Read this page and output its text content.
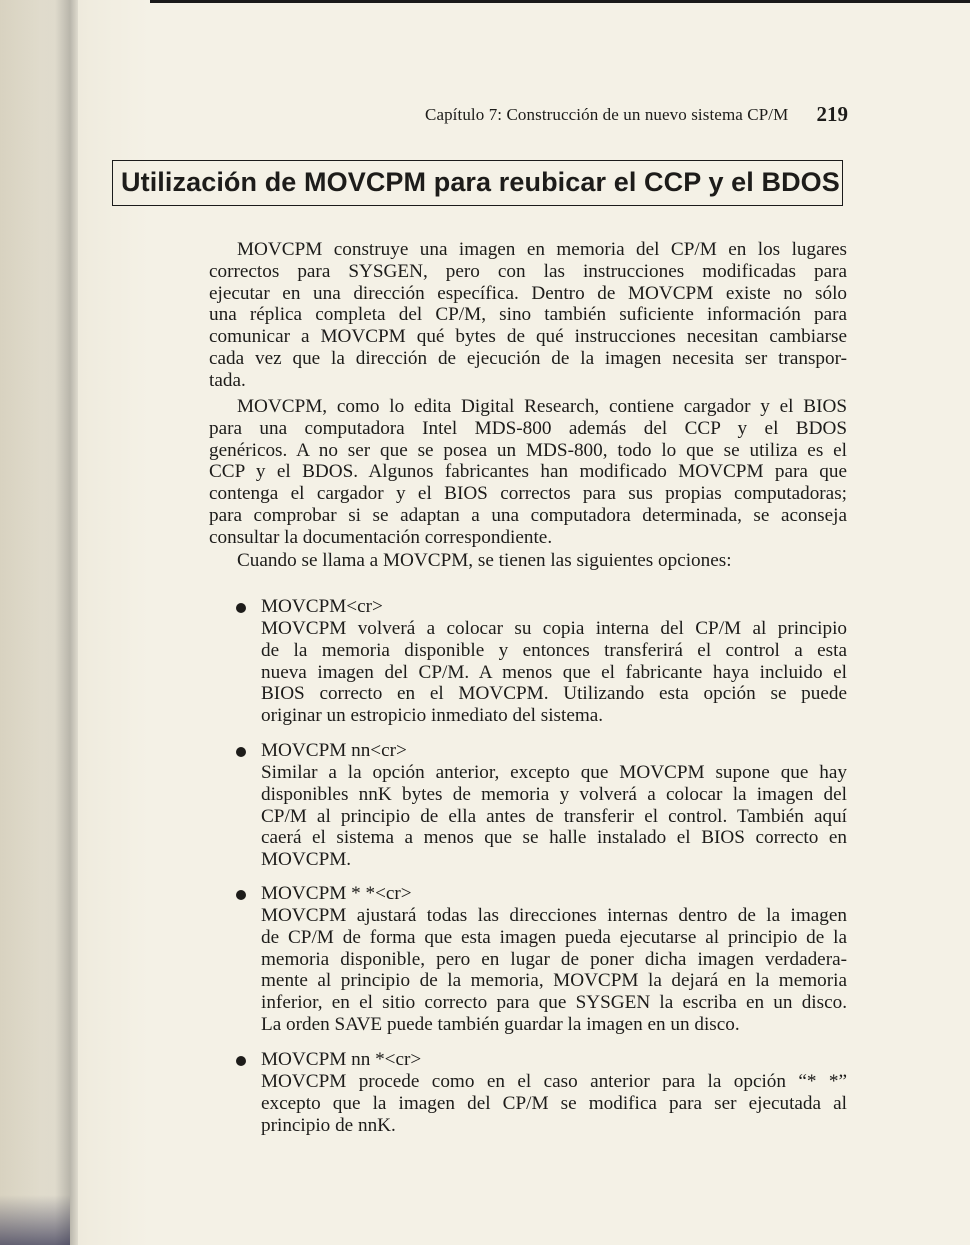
Capítulo 7: Construcción de un nuevo sistema CP/M 219
Utilización de MOVCPM para reubicar el CCP y el BDOS
MOVCPM construye una imagen en memoria del CP/M en los lugares
correctos para SYSGEN, pero con las instrucciones modificadas para
ejecutar en una dirección específica. Dentro de MOVCPM existe no sólo
una réplica completa del CP/M, sino también suficiente información para
comunicar a MOVCPM qué bytes de qué instrucciones necesitan cambiarse
cada vez que la dirección de ejecución de la imagen necesita ser transpor-
tada.
MOVCPM, como lo edita Digital Research, contiene cargador y el BIOS
para una computadora Intel MDS-800 además del CCP y el BDOS
genéricos. A no ser que se posea un MDS-800, todo lo que se utiliza es el
CCP y el BDOS. Algunos fabricantes han modificado MOVCPM para que
contenga el cargador y el BIOS correctos para sus propias computadoras;
para comprobar si se adaptan a una computadora determinada, se aconseja
consultar la documentación correspondiente.
Cuando se llama a MOVCPM, se tienen las siguientes opciones:
MOVCPM<cr>
MOVCPM volverá a colocar su copia interna del CP/M al principio
de la memoria disponible y entonces transferirá el control a esta
nueva imagen del CP/M. A menos que el fabricante haya incluido el
BIOS correcto en el MOVCPM. Utilizando esta opción se puede
originar un estropicio inmediato del sistema.
MOVCPM nn<cr>
Similar a la opción anterior, excepto que MOVCPM supone que hay
disponibles nnK bytes de memoria y volverá a colocar la imagen del
CP/M al principio de ella antes de transferir el control. También aquí
caerá el sistema a menos que se halle instalado el BIOS correcto en
MOVCPM.
MOVCPM * *<cr>
MOVCPM ajustará todas las direcciones internas dentro de la imagen
de CP/M de forma que esta imagen pueda ejecutarse al principio de la
memoria disponible, pero en lugar de poner dicha imagen verdadera-
mente al principio de la memoria, MOVCPM la dejará en la memoria
inferior, en el sitio correcto para que SYSGEN la escriba en un disco.
La orden SAVE puede también guardar la imagen en un disco.
MOVCPM nn *<cr>
MOVCPM procede como en el caso anterior para la opción “* *”
excepto que la imagen del CP/M se modifica para ser ejecutada al
principio de nnK.
